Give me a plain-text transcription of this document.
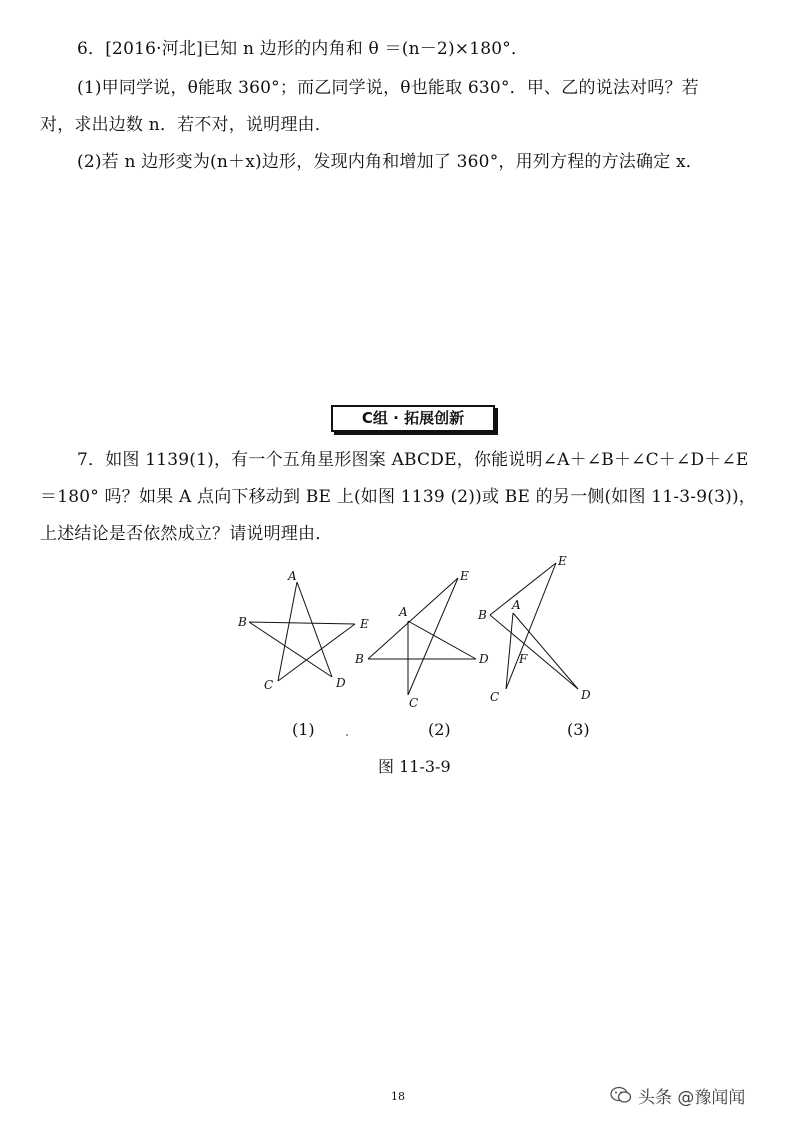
6．[2016·河北]已知 n 边形的内角和 θ ＝(n－2)×180°．
(1)甲同学说，θ能取 360°；而乙同学说，θ也能取 630°．甲、乙的说法对吗？若
对，求出边数 n．若不对，说明理由．
(2)若 n 边形变为(n＋x)边形，发现内角和增加了 360°，用列方程的方法确定 x．
C组 · 拓展创新
7．如图 1139(1)，有一个五角星形图案 ABCDE，你能说明∠A＋∠B＋∠C＋∠D＋∠E
＝180° 吗？如果 A 点向下移动到 BE 上(如图 1139 (2))或 BE 的另一侧(如图 11-3-9(3))，
上述结论是否依然成立？请说明理由．
A
B	E
C	D
A
E
B	D
C
E
A
B
F
C	D
(1)	(2)	(3)
图 11-3-9
18	头条 @豫闻闻
